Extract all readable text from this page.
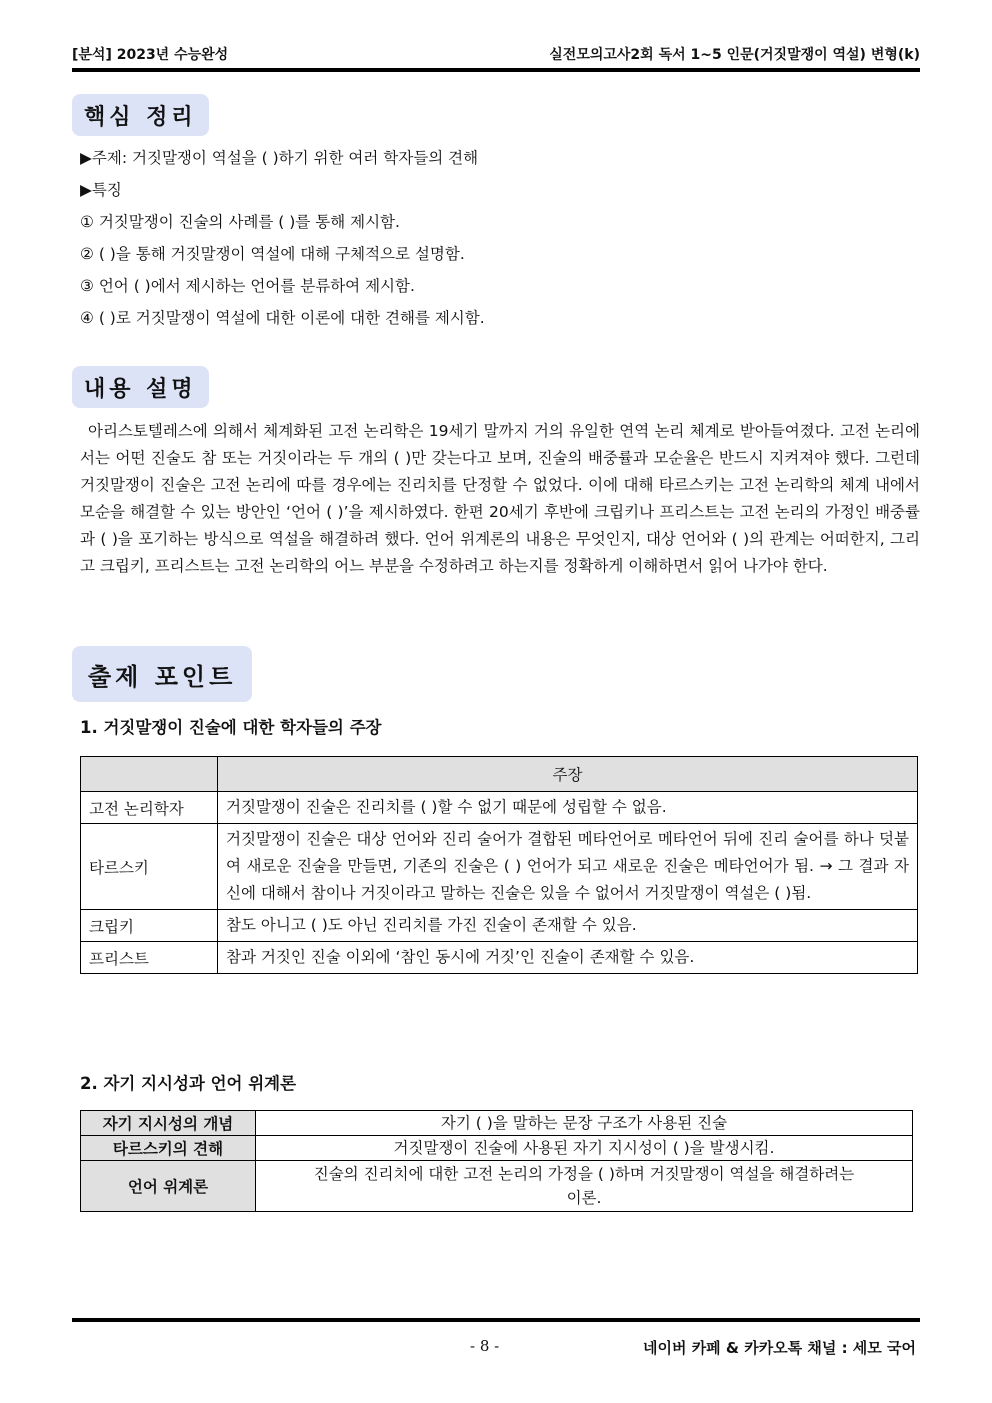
[분석] 2023년 수능완성	실전모의고사2회 독서 1~5 인문(거짓말쟁이 역설) 변형(k)
핵심 정리
▶주제: 거짓말쟁이 역설을 ( )하기 위한 여러 학자들의 견해
▶특징
① 거짓말쟁이 진술의 사례를 ( )를 통해 제시함.
② ( )을 통해 거짓말쟁이 역설에 대해 구체적으로 설명함.
③ 언어 ( )에서 제시하는 언어를 분류하여 제시함.
④ ( )로 거짓말쟁이 역설에 대한 이론에 대한 견해를 제시함.
내용 설명
아리스토텔레스에 의해서 체계화된 고전 논리학은 19세기 말까지 거의 유일한 연역 논리 체계로 받아들여졌다. 고전 논리에서는 어떤 진술도 참 또는 거짓이라는 두 개의 ( )만 갖는다고 보며, 진술의 배중률과 모순율은 반드시 지켜져야 했다. 그런데 거짓말쟁이 진술은 고전 논리에 따를 경우에는 진리치를 단정할 수 없었다. 이에 대해 타르스키는 고전 논리학의 체계 내에서 모순을 해결할 수 있는 방안인 ‘언어 ( )’을 제시하였다. 한편 20세기 후반에 크립키나 프리스트는 고전 논리의 가정인 배중률과 ( )을 포기하는 방식으로 역설을 해결하려 했다. 언어 위계론의 내용은 무엇인지, 대상 언어와 ( )의 관계는 어떠한지, 그리고 크립키, 프리스트는 고전 논리학의 어느 부분을 수정하려고 하는지를 정확하게 이해하면서 읽어 나가야 한다.
출제 포인트
1. 거짓말쟁이 진술에 대한 학자들의 주장
	주장
고전 논리학자	거짓말쟁이 진술은 진리치를 ( )할 수 없기 때문에 성립할 수 없음.
타르스키	거짓말쟁이 진술은 대상 언어와 진리 술어가 결합된 메타언어로 메타언어 뒤에 진리 술어를 하나 덧붙여 새로운 진술을 만들면, 기존의 진술은 ( ) 언어가 되고 새로운 진술은 메타언어가 됨. → 그 결과 자신에 대해서 참이나 거짓이라고 말하는 진술은 있을 수 없어서 거짓말쟁이 역설은 ( )됨.
크립키	참도 아니고 ( )도 아닌 진리치를 가진 진술이 존재할 수 있음.
프리스트	참과 거짓인 진술 이외에 ‘참인 동시에 거짓’인 진술이 존재할 수 있음.
2. 자기 지시성과 언어 위계론
자기 지시성의 개념	자기 ( )을 말하는 문장 구조가 사용된 진술
타르스키의 견해	거짓말쟁이 진술에 사용된 자기 지시성이 ( )을 발생시킴.
언어 위계론	진술의 진리치에 대한 고전 논리의 가정을 ( )하며 거짓말쟁이 역설을 해결하려는 이론.
- 8 -	네이버 카페 & 카카오톡 채널 : 세모 국어
